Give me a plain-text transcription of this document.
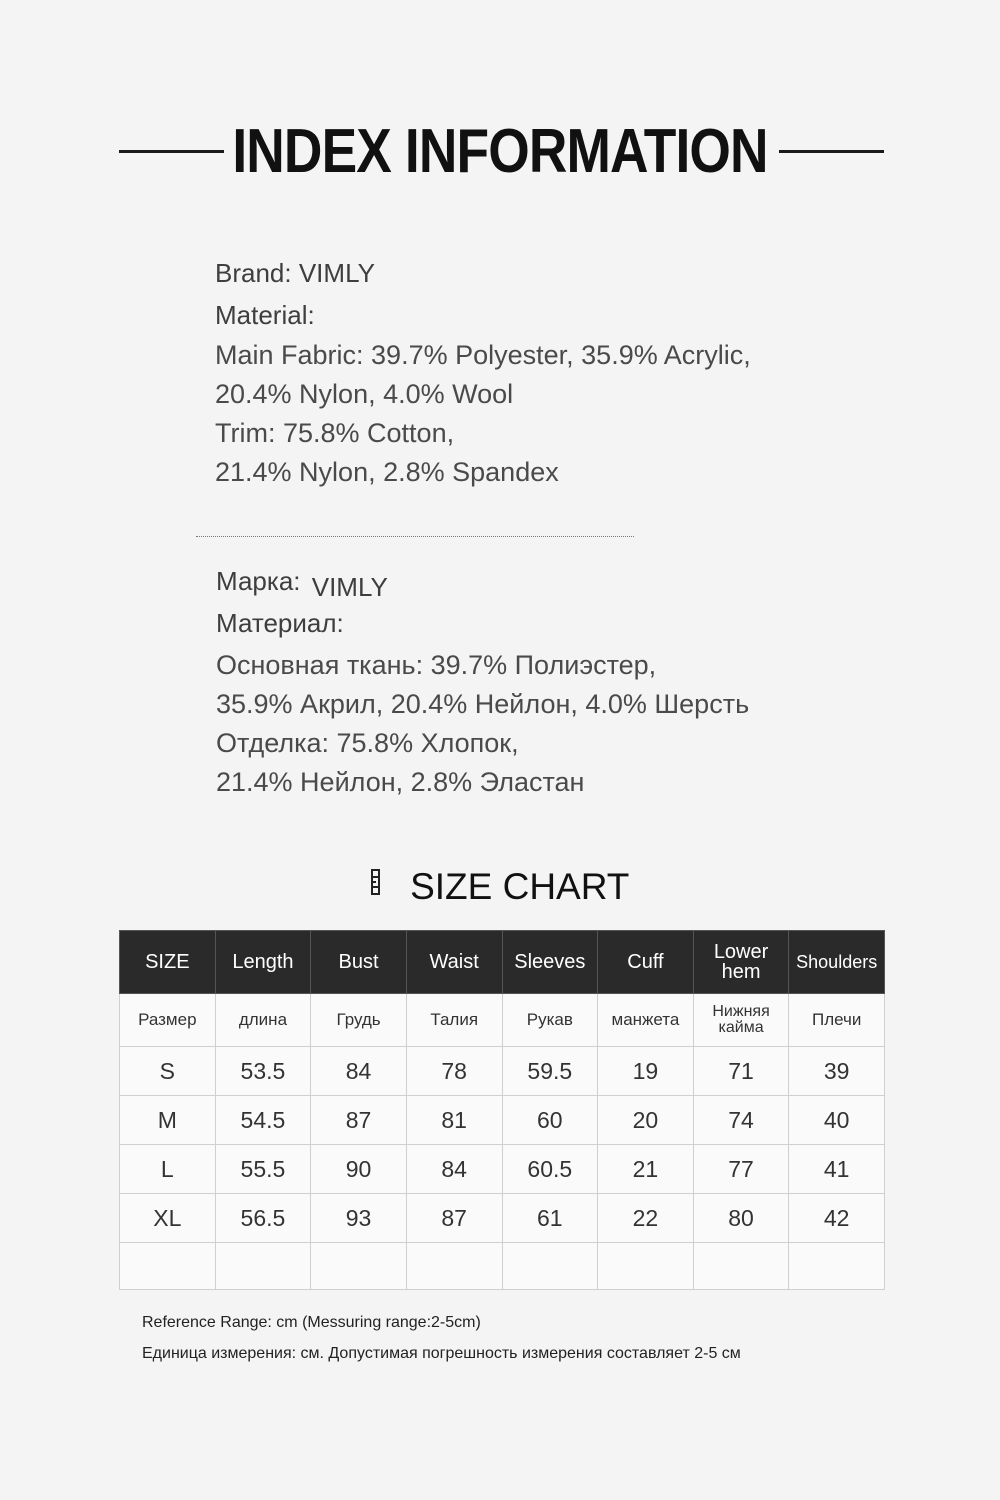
INDEX INFORMATION
Brand: VIMLY
Material:
Main Fabric: 39.7% Polyester, 35.9% Acrylic,
20.4% Nylon, 4.0% Wool
Trim: 75.8% Cotton,
21.4% Nylon, 2.8% Spandex
Марка: VIMLY
Материал:
Основная ткань: 39.7% Полиэстер,
35.9% Акрил, 20.4% Нейлон, 4.0% Шерсть
Отделка: 75.8% Хлопок,
21.4% Нейлон, 2.8% Эластан
SIZE CHART
SIZE	Length	Bust	Waist	Sleeves	Cuff	Lower hem	Shoulders
Размер	длина	Грудь	Талия	Рукав	манжета	Нижняя кайма	Плечи
S	53.5	84	78	59.5	19	71	39
M	54.5	87	81	60	20	74	40
L	55.5	90	84	60.5	21	77	41
XL	56.5	93	87	61	22	80	42

Reference Range: cm (Messuring range:2-5cm)
Единица измерения: см. Допустимая погрешность измерения составляет 2-5 см
